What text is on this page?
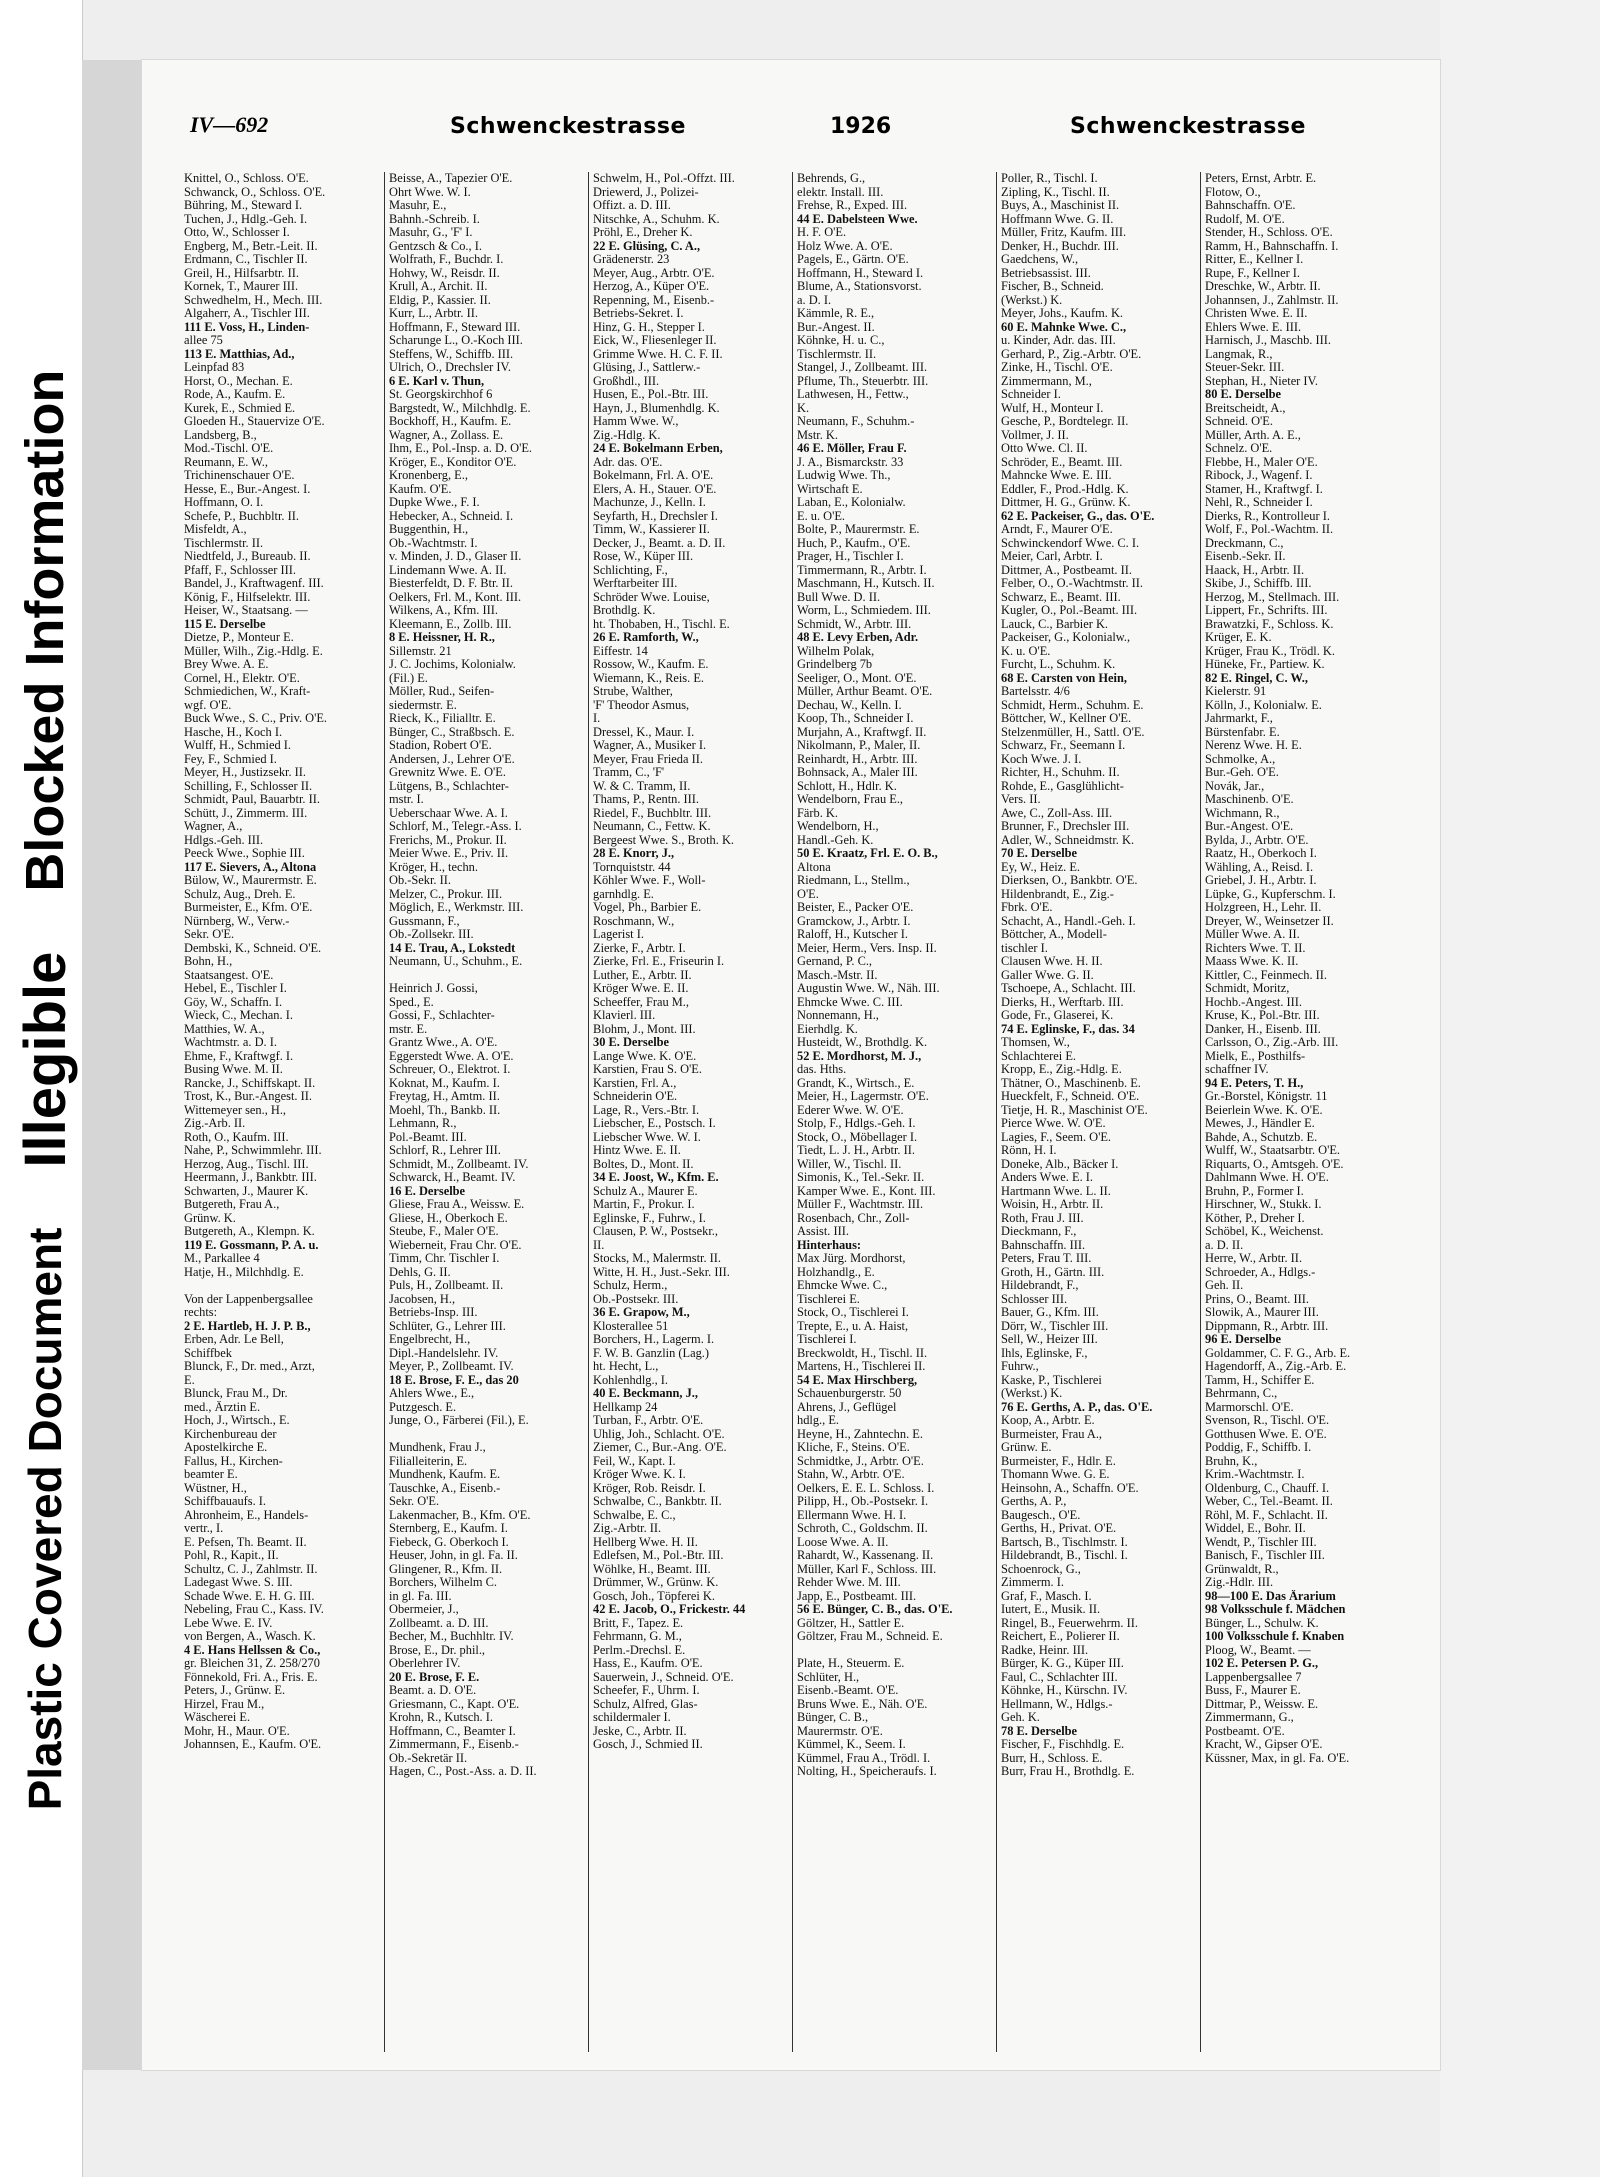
Plastic Covered Document
Illegible
Blocked Information
IV—692	Schwenckestrasse	1926	Schwenckestrasse
Knittel, O., Schloss. O'E.
Schwanck, O., Schloss. O'E.
Bühring, M., Steward I.
Tuchen, J., Hdlg.-Geh. I.
Otto, W., Schlosser I.
Engberg, M., Betr.-Leit. II.
Erdmann, C., Tischler II.
Greil, H., Hilfsarbtr. II.
Kornek, T., Maurer III.
Schwedhelm, H., Mech. III.
Algaherr, A., Tischler III.
111 E. Voss, H., Linden-
allee 75
113 E. Matthias, Ad.,
Leinpfad 83
Horst, O., Mechan. E.
Rode, A., Kaufm. E.
Kurek, E., Schmied E.
Gloeden H., Stauervize O'E.
Landsberg, B.,
Mod.-Tischl. O'E.
Reumann, E. W.,
Trichinenschauer O'E.
Hesse, E., Bur.-Angest. I.
Hoffmann, O. I.
Schefe, P., Buchbltr. II.
Misfeldt, A.,
Tischlermstr. II.
Niedtfeld, J., Bureaub. II.
Pfaff, F., Schlosser III.
Bandel, J., Kraftwagenf. III.
König, F., Hilfselektr. III.
Heiser, W., Staatsang. —
115 E. Derselbe
Dietze, P., Monteur E.
Müller, Wilh., Zig.-Hdlg. E.
Brey Wwe. A. E.
Cornel, H., Elektr. O'E.
Schmiedichen, W., Kraft-
wgf. O'E.
Buck Wwe., S. C., Priv. O'E.
Hasche, H., Koch I.
Wulff, H., Schmied I.
Fey, F., Schmied I.
Meyer, H., Justizsekr. II.
Schilling, F., Schlosser II.
Schmidt, Paul, Bauarbtr. II.
Schütt, J., Zimmerm. III.
Wagner, A.,
Hdlgs.-Geh. III.
Peeck Wwe., Sophie III.
117 E. Sievers, A., Altona
Bülow, W., Maurermstr. E.
Schulz, Aug., Dreh. E.
Burmeister, E., Kfm. O'E.
Nürnberg, W., Verw.-
Sekr. O'E.
Dembski, K., Schneid. O'E.
Bohn, H.,
Staatsangest. O'E.
Hebel, E., Tischler I.
Göy, W., Schaffn. I.
Wieck, C., Mechan. I.
Matthies, W. A.,
Wachtmstr. a. D. I.
Ehme, F., Kraftwgf. I.
Busing Wwe. M. II.
Rancke, J., Schiffskapt. II.
Trost, K., Bur.-Angest. II.
Wittemeyer sen., H.,
Zig.-Arb. II.
Roth, O., Kaufm. III.
Nahe, P., Schwimmlehr. III.
Herzog, Aug., Tischl. III.
Heermann, J., Bankbtr. III.
Schwarten, J., Maurer K.
Butgereth, Frau A.,
Grünw. K.
Butgereth, A., Klempn. K.
119 E. Gossmann, P. A. u.
M., Parkallee 4
Hatje, H., Milchhdlg. E.

Von der Lappenbergsallee
rechts:
2 E. Hartleb, H. J. P. B.,
Erben, Adr. Le Bell,
Schiffbek
Blunck, F., Dr. med., Arzt,
E.
Blunck, Frau M., Dr.
med., Ärztin E.
Hoch, J., Wirtsch., E.
Kirchenbureau der
Apostelkirche E.
Fallus, H., Kirchen-
beamter E.
Wüstner, H.,
Schiffbauaufs. I.
Ahronheim, E., Handels-
vertr., I.
E. Pefsen, Th. Beamt. II.
Pohl, R., Kapit., II.
Schultz, C. J., Zahlmstr. II.
Ladegast Wwe. S. III.
Schade Wwe. E. H. G. III.
Nebeling, Frau C., Kass. IV.
Lebe Wwe. E. IV.
von Bergen, A., Wasch. K.
4 E. Hans Hellssen & Co.,
gr. Bleichen 31, Z. 258/270
Fönnekold, Fri. A., Fris. E.
Peters, J., Grünw. E.
Hirzel, Frau M.,
Wäscherei E.
Mohr, H., Maur. O'E.
Johannsen, E., Kaufm. O'E.
Beisse, A., Tapezier O'E.
Ohrt Wwe. W. I.
Masuhr, E.,
Bahnh.-Schreib. I.
Masuhr, G., 'F' I.
Gentzsch & Co., I.
Wolfrath, F., Buchdr. I.
Hohwy, W., Reisdr. II.
Krull, A., Archit. II.
Eldig, P., Kassier. II.
Kurr, L., Arbtr. II.
Hoffmann, F., Steward III.
Scharunge L., O.-Koch III.
Steffens, W., Schiffb. III.
Ulrich, O., Drechsler IV.
6 E. Karl v. Thun,
St. Georgskirchhof 6
Bargstedt, W., Milchhdlg. E.
Bockhoff, H., Kaufm. E.
Wagner, A., Zollass. E.
Ihm, E., Pol.-Insp. a. D. O'E.
Kröger, E., Konditor O'E.
Kronenberg, E.,
Kaufm. O'E.
Dupke Wwe., F. I.
Hebecker, A., Schneid. I.
Buggenthin, H.,
Ob.-Wachtmstr. I.
v. Minden, J. D., Glaser II.
Lindemann Wwe. A. II.
Biesterfeldt, D. F. Btr. II.
Oelkers, Frl. M., Kont. III.
Wilkens, A., Kfm. III.
Kleemann, E., Zollb. III.
8 E. Heissner, H. R.,
Sillemstr. 21
J. C. Jochims, Kolonialw.
(Fil.) E.
Möller, Rud., Seifen-
siedermstr. E.
Rieck, K., Filialltr. E.
Bünger, C., Straßbsch. E.
Stadion, Robert O'E.
Andersen, J., Lehrer O'E.
Grewnitz Wwe. E. O'E.
Lütgens, B., Schlachter-
mstr. I.
Ueberschaar Wwe. A. I.
Schlorf, M., Telegr.-Ass. I.
Frerichs, M., Prokur. II.
Meier Wwe. E., Priv. II.
Kröger, H., techn.
Ob.-Sekr. II.
Melzer, C., Prokur. III.
Möglich, E., Werkmstr. III.
Gussmann, F.,
Ob.-Zollsekr. III.
14 E. Trau, A., Lokstedt
Neumann, U., Schuhm., E.

Heinrich J. Gossi,
Sped., E.
Gossi, F., Schlachter-
mstr. E.
Grantz Wwe., A. O'E.
Eggerstedt Wwe. A. O'E.
Schreuer, O., Elektrot. I.
Koknat, M., Kaufm. I.
Freytag, H., Amtm. II.
Moehl, Th., Bankb. II.
Lehmann, R.,
Pol.-Beamt. III.
Schlorf, R., Lehrer III.
Schmidt, M., Zollbeamt. IV.
Schwarck, H., Beamt. IV.
16 E. Derselbe
Gliese, Frau A., Weissw. E.
Gliese, H., Oberkoch E.
Steube, F., Maler O'E.
Wieberneit, Frau Chr. O'E.
Timm, Chr. Tischler I.
Dehls, G. II.
Puls, H., Zollbeamt. II.
Jacobsen, H.,
Betriebs-Insp. III.
Schlüter, G., Lehrer III.
Engelbrecht, H.,
Dipl.-Handelslehr. IV.
Meyer, P., Zollbeamt. IV.
18 E. Brose, F. E., das 20
Ahlers Wwe., E.,
Putzgesch. E.
Junge, O., Färberei (Fil.), E.

Mundhenk, Frau J.,
Filialleiterin, E.
Mundhenk, Kaufm. E.
Tauschke, A., Eisenb.-
Sekr. O'E.
Lakenmacher, B., Kfm. O'E.
Sternberg, E., Kaufm. I.
Fiebeck, G. Oberkoch I.
Heuser, John, in gl. Fa. II.
Glingener, R., Kfm. II.
Borchers, Wilhelm C.
in gl. Fa. III.
Obermeier, J.,
Zollbeamt. a. D. III.
Becher, M., Buchhltr. IV.
Brose, E., Dr. phil.,
Oberlehrer IV.
20 E. Brose, F. E.
Beamt. a. D. O'E.
Griesmann, C., Kapt. O'E.
Krohn, R., Kutsch. I.
Hoffmann, C., Beamter I.
Zimmermann, F., Eisenb.-
Ob.-Sekretär II.
Hagen, C., Post.-Ass. a. D. II.
Schwelm, H., Pol.-Offzt. III.
Driewerd, J., Polizei-
Offizt. a. D. III.
Nitschke, A., Schuhm. K.
Pröhl, E., Dreher K.
22 E. Glüsing, C. A.,
Grädenerstr. 23
Meyer, Aug., Arbtr. O'E.
Herzog, A., Küper O'E.
Repenning, M., Eisenb.-
Betriebs-Sekret. I.
Hinz, G. H., Stepper I.
Eick, W., Fliesenleger II.
Grimme Wwe. H. C. F. II.
Glüsing, J., Sattlerw.-
Großhdl., III.
Husen, E., Pol.-Btr. III.
Hayn, J., Blumenhdlg. K.
Hamm Wwe. W.,
Zig.-Hdlg. K.
24 E. Bokelmann Erben,
Adr. das. O'E.
Bokelmann, Frl. A. O'E.
Elers, A. H., Stauer. O'E.
Machunze, J., Kelln. I.
Seyfarth, H., Drechsler I.
Timm, W., Kassierer II.
Decker, J., Beamt. a. D. II.
Rose, W., Küper III.
Schlichting, F.,
Werftarbeiter III.
Schröder Wwe. Louise,
Brothdlg. K.
ht. Thobaben, H., Tischl. E.
26 E. Ramforth, W.,
Eiffestr. 14
Rossow, W., Kaufm. E.
Wiemann, K., Reis. E.
Strube, Walther,
'F' Theodor Asmus,
I.
Dressel, K., Maur. I.
Wagner, A., Musiker I.
Meyer, Frau Frieda II.
Tramm, C., 'F'
W. & C. Tramm, II.
Thams, P., Rentn. III.
Riedel, F., Buchbltr. III.
Neumann, C., Fettw. K.
Bergeest Wwe. S., Broth. K.
28 E. Knorr, J.,
Tornquiststr. 44
Köhler Wwe. F., Woll-
garnhdlg. E.
Vogel, Ph., Barbier E.
Roschmann, W.,
Lagerist I.
Zierke, F., Arbtr. I.
Zierke, Frl. E., Friseurin I.
Luther, E., Arbtr. II.
Kröger Wwe. E. II.
Scheeffer, Frau M.,
Klavierl. III.
Blohm, J., Mont. III.
30 E. Derselbe
Lange Wwe. K. O'E.
Karstien, Frau S. O'E.
Karstien, Frl. A.,
Schneiderin O'E.
Lage, R., Vers.-Btr. I.
Liebscher, E., Postsch. I.
Liebscher Wwe. W. I.
Hintz Wwe. E. II.
Boltes, D., Mont. II.
34 E. Joost, W., Kfm. E.
Schulz A., Maurer E.
Martin, F., Prokur. I.
Eglinske, F., Fuhrw., I.
Clausen, P. W., Postsekr.,
II.
Stocks, M., Malermstr. II.
Witte, H. H., Just.-Sekr. III.
Schulz, Herm.,
Ob.-Postsekr. III.
36 E. Grapow, M.,
Klosterallee 51
Borchers, H., Lagerm. I.
F. W. B. Ganzlin (Lag.)
ht. Hecht, L.,
Kohlenhdlg., I.
40 E. Beckmann, J.,
Hellkamp 24
Turban, F., Arbtr. O'E.
Uhlig, Joh., Schlacht. O'E.
Ziemer, C., Bur.-Ang. O'E.
Feil, W., Kapt. I.
Kröger Wwe. K. I.
Kröger, Rob. Reisdr. I.
Schwalbe, C., Bankbtr. II.
Schwalbe, E. C.,
Zig.-Arbtr. II.
Hellberg Wwe. H. II.
Edlefsen, M., Pol.-Btr. III.
Wöhlke, H., Beamt. III.
Drümmer, W., Grünw. K.
Gosch, Joh., Töpferei K.
42 E. Jacob, O., Frickestr. 44
Britt, F., Tapez. E.
Fehrmann, G. M.,
Perlm.-Drechsl. E.
Hass, E., Kaufm. O'E.
Sauerwein, J., Schneid. O'E.
Scheefer, F., Uhrm. I.
Schulz, Alfred, Glas-
schildermaler I.
Jeske, C., Arbtr. II.
Gosch, J., Schmied II.
Behrends, G.,
elektr. Install. III.
Frehse, R., Exped. III.
44 E. Dabelsteen Wwe.
H. F. O'E.
Holz Wwe. A. O'E.
Pagels, E., Gärtn. O'E.
Hoffmann, H., Steward I.
Blume, A., Stationsvorst.
a. D. I.
Kämmle, R. E.,
Bur.-Angest. II.
Köhnke, H. u. C.,
Tischlermstr. II.
Stangel, J., Zollbeamt. III.
Pflume, Th., Steuerbtr. III.
Lathwesen, H., Fettw.,
K.
Neumann, F., Schuhm.-
Mstr. K.
46 E. Möller, Frau F.
J. A., Bismarckstr. 33
Ludwig Wwe. Th.,
Wirtschaft E.
Laban, E., Kolonialw.
E. u. O'E.
Bolte, P., Maurermstr. E.
Huch, P., Kaufm., O'E.
Prager, H., Tischler I.
Timmermann, R., Arbtr. I.
Maschmann, H., Kutsch. II.
Bull Wwe. D. II.
Worm, L., Schmiedem. III.
Schmidt, W., Arbtr. III.
48 E. Levy Erben, Adr.
Wilhelm Polak,
Grindelberg 7b
Seeliger, O., Mont. O'E.
Müller, Arthur Beamt. O'E.
Dechau, W., Kelln. I.
Koop, Th., Schneider I.
Murjahn, A., Kraftwgf. II.
Nikolmann, P., Maler, II.
Reinhardt, H., Arbtr. III.
Bohnsack, A., Maler III.
Schlott, H., Hdlr. K.
Wendelborn, Frau E.,
Färb. K.
Wendelborn, H.,
Handl.-Geh. K.
50 E. Kraatz, Frl. E. O. B.,
Altona
Riedmann, L., Stellm.,
O'E.
Beister, E., Packer O'E.
Gramckow, J., Arbtr. I.
Raloff, H., Kutscher I.
Meier, Herm., Vers. Insp. II.
Gernand, P. C.,
Masch.-Mstr. II.
Augustin Wwe. W., Näh. III.
Ehmcke Wwe. C. III.
Nonnemann, H.,
Eierhdlg. K.
Husteidt, W., Brothdlg. K.
52 E. Mordhorst, M. J.,
das. Hths.
Grandt, K., Wirtsch., E.
Meier, H., Lagermstr. O'E.
Ederer Wwe. W. O'E.
Stolp, F., Hdlgs.-Geh. I.
Stock, O., Möbellager I.
Tiedt, L. J. H., Arbtr. II.
Willer, W., Tischl. II.
Simonis, K., Tel.-Sekr. II.
Kamper Wwe. E., Kont. III.
Müller F., Wachtmstr. III.
Rosenbach, Chr., Zoll-
Assist. III.
Hinterhaus:
Max Jürg. Mordhorst,
Holzhandlg., E.
Ehmcke Wwe. C.,
Tischlerei E.
Stock, O., Tischlerei I.
Trepte, E., u. A. Haist,
Tischlerei I.
Breckwoldt, H., Tischl. II.
Martens, H., Tischlerei II.
54 E. Max Hirschberg,
Schauenburgerstr. 50
Ahrens, J., Geflügel
hdlg., E.
Heyne, H., Zahntechn. E.
Kliche, F., Steins. O'E.
Schmidtke, J., Arbtr. O'E.
Stahn, W., Arbtr. O'E.
Oelkers, E. E. L. Schloss. I.
Pilipp, H., Ob.-Postsekr. I.
Ellermann Wwe. H. I.
Schroth, C., Goldschm. II.
Loose Wwe. A. II.
Rahardt, W., Kassenang. II.
Müller, Karl F., Schloss. III.
Rehder Wwe. M. III.
Japp, E., Postbeamt. III.
56 E. Bünger, C. B., das. O'E.
Göltzer, H., Sattler E.
Göltzer, Frau M., Schneid. E.

Plate, H., Steuerm. E.
Schlüter, H.,
Eisenb.-Beamt. O'E.
Bruns Wwe. E., Näh. O'E.
Bünger, C. B.,
Maurermstr. O'E.
Kümmel, K., Seem. I.
Kümmel, Frau A., Trödl. I.
Nolting, H., Speicheraufs. I.
Poller, R., Tischl. I.
Zipling, K., Tischl. II.
Buys, A., Maschinist II.
Hoffmann Wwe. G. II.
Müller, Fritz, Kaufm. III.
Denker, H., Buchdr. III.
Gaedchens, W.,
Betriebsassist. III.
Fischer, B., Schneid.
(Werkst.) K.
Meyer, Johs., Kaufm. K.
60 E. Mahnke Wwe. C.,
u. Kinder, Adr. das. III.
Gerhard, P., Zig.-Arbtr. O'E.
Zinke, H., Tischl. O'E.
Zimmermann, M.,
Schneider I.
Wulf, H., Monteur I.
Gesche, P., Bordtelegr. II.
Vollmer, J. II.
Otto Wwe. Cl. II.
Schröder, E., Beamt. III.
Mahncke Wwe. E. III.
Eddler, F., Prod.-Hdlg. K.
Dittmer, H. G., Grünw. K.
62 E. Packeiser, G., das. O'E.
Arndt, F., Maurer O'E.
Schwinckendorf Wwe. C. I.
Meier, Carl, Arbtr. I.
Dittmer, A., Postbeamt. II.
Felber, O., O.-Wachtmstr. II.
Schwarz, E., Beamt. III.
Kugler, O., Pol.-Beamt. III.
Lauck, C., Barbier K.
Packeiser, G., Kolonialw.,
K. u. O'E.
Furcht, L., Schuhm. K.
68 E. Carsten von Hein,
Bartelsstr. 4/6
Schmidt, Herm., Schuhm. E.
Böttcher, W., Kellner O'E.
Stelzenmüller, H., Sattl. O'E.
Schwarz, Fr., Seemann I.
Koch Wwe. J. I.
Richter, H., Schuhm. II.
Rohde, E., Gasglühlicht-
Vers. II.
Awe, C., Zoll-Ass. III.
Brunner, F., Drechsler III.
Adler, W., Schneidmstr. K.
70 E. Derselbe
Ey, W., Heiz. E.
Dierksen, O., Bankbtr. O'E.
Hildenbrandt, E., Zig.-
Fbrk. O'E.
Schacht, A., Handl.-Geh. I.
Böttcher, A., Modell-
tischler I.
Clausen Wwe. H. II.
Galler Wwe. G. II.
Tschoepe, A., Schlacht. III.
Dierks, H., Werftarb. III.
Gode, Fr., Glaserei, K.
74 E. Eglinske, F., das. 34
Thomsen, W.,
Schlachterei E.
Kropp, E., Zig.-Hdlg. E.
Thätner, O., Maschinenb. E.
Hueckfelt, F., Schneid. O'E.
Tietje, H. R., Maschinist O'E.
Pierce Wwe. W. O'E.
Lagies, F., Seem. O'E.
Rönn, H. I.
Doneke, Alb., Bäcker I.
Anders Wwe. E. I.
Hartmann Wwe. L. II.
Woisin, H., Arbtr. II.
Roth, Frau J. III.
Dieckmann, F.,
Bahnschaffn. III.
Peters, Frau T. III.
Groth, H., Gärtn. III.
Hildebrandt, F.,
Schlosser III.
Bauer, G., Kfm. III.
Dörr, W., Tischler III.
Sell, W., Heizer III.
Ihls, Eglinske, F.,
Fuhrw.,
Kaske, P., Tischlerei
(Werkst.) K.
76 E. Gerths, A. P., das. O'E.
Koop, A., Arbtr. E.
Burmeister, Frau A.,
Grünw. E.
Burmeister, F., Hdlr. E.
Thomann Wwe. G. E.
Heinsohn, A., Schaffn. O'E.
Gerths, A. P.,
Baugesch., O'E.
Gerths, H., Privat. O'E.
Bartsch, B., Tischlmstr. I.
Hildebrandt, B., Tischl. I.
Schoenrock, G.,
Zimmerm. I.
Graf, F., Masch. I.
Iutert, E., Musik. II.
Ringel, B., Feuerwehrm. II.
Reichert, E., Polierer II.
Radke, Heinr. III.
Bürger, K. G., Küper III.
Faul, C., Schlachter III.
Köhnke, H., Kürschn. IV.
Hellmann, W., Hdlgs.-
Geh. K.
78 E. Derselbe
Fischer, F., Fischhdlg. E.
Burr, H., Schloss. E.
Burr, Frau H., Brothdlg. E.
Peters, Ernst, Arbtr. E.
Flotow, O.,
Bahnschaffn. O'E.
Rudolf, M. O'E.
Stender, H., Schloss. O'E.
Ramm, H., Bahnschaffn. I.
Ritter, E., Kellner I.
Rupe, F., Kellner I.
Dreschke, W., Arbtr. II.
Johannsen, J., Zahlmstr. II.
Christen Wwe. E. II.
Ehlers Wwe. E. III.
Harnisch, J., Maschb. III.
Langmak, R.,
Steuer-Sekr. III.
Stephan, H., Nieter IV.
80 E. Derselbe
Breitscheidt, A.,
Schneid. O'E.
Müller, Arth. A. E.,
Schnelz. O'E.
Flebbe, H., Maler O'E.
Ribock, J., Wagenf. I.
Stamer, H., Kraftwgf. I.
Nehl, R., Schneider I.
Dierks, R., Kontrolleur I.
Wolf, F., Pol.-Wachtm. II.
Dreckmann, C.,
Eisenb.-Sekr. II.
Haack, H., Arbtr. II.
Skibe, J., Schiffb. III.
Herzog, M., Stellmach. III.
Lippert, Fr., Schrifts. III.
Brawatzki, F., Schloss. K.
Krüger, E. K.
Krüger, Frau K., Trödl. K.
Hüneke, Fr., Partiew. K.
82 E. Ringel, C. W.,
Kielerstr. 91
Kölln, J., Kolonialw. E.
Jahrmarkt, F.,
Bürstenfabr. E.
Nerenz Wwe. H. E.
Schmolke, A.,
Bur.-Geh. O'E.
Novák, Jar.,
Maschinenb. O'E.
Wichmann, R.,
Bur.-Angest. O'E.
Bylda, J., Arbtr. O'E.
Raatz, H., Oberkoch I.
Wähling, A., Reisd. I.
Griebel, J. H., Arbtr. I.
Lüpke, G., Kupferschm. I.
Holzgreen, H., Lehr. II.
Dreyer, W., Weinsetzer II.
Müller Wwe. A. II.
Richters Wwe. T. II.
Maass Wwe. K. II.
Kittler, C., Feinmech. II.
Schmidt, Moritz,
Hochb.-Angest. III.
Kruse, K., Pol.-Btr. III.
Danker, H., Eisenb. III.
Carlsson, O., Zig.-Arb. III.
Mielk, E., Posthilfs-
schaffner IV.
94 E. Peters, T. H.,
Gr.-Borstel, Königstr. 11
Beierlein Wwe. K. O'E.
Mewes, J., Händler E.
Bahde, A., Schutzb. E.
Wulff, W., Staatsarbtr. O'E.
Riquarts, O., Amtsgeh. O'E.
Dahlmann Wwe. H. O'E.
Bruhn, P., Former I.
Hirschner, W., Stukk. I.
Köther, P., Dreher I.
Schöbel, K., Weichenst.
a. D. II.
Herre, W., Arbtr. II.
Schroeder, A., Hdlgs.-
Geh. II.
Prins, O., Beamt. III.
Slowik, A., Maurer III.
Dippmann, R., Arbtr. III.
96 E. Derselbe
Goldammer, C. F. G., Arb. E.
Hagendorff, A., Zig.-Arb. E.
Tamm, H., Schiffer E.
Behrmann, C.,
Marmorschl. O'E.
Svenson, R., Tischl. O'E.
Gotthusen Wwe. E. O'E.
Poddig, F., Schiffb. I.
Bruhn, K.,
Krim.-Wachtmstr. I.
Oldenburg, C., Chauff. I.
Weber, C., Tel.-Beamt. II.
Röhl, M. F., Schlacht. II.
Widdel, E., Bohr. II.
Wendt, P., Tischler III.
Banisch, F., Tischler III.
Grünwaldt, R.,
Zig.-Hdlr. III.
98—100 E. Das Ärarium
98 Volksschule f. Mädchen
Bünger, L., Schulw. K.
100 Volksschule f. Knaben
Ploog, W., Beamt. —
102 E. Petersen P. G.,
Lappenbergsallee 7
Buss, F., Maurer E.
Dittmar, P., Weissw. E.
Zimmermann, G.,
Postbeamt. O'E.
Kracht, W., Gipser O'E.
Küssner, Max, in gl. Fa. O'E.
